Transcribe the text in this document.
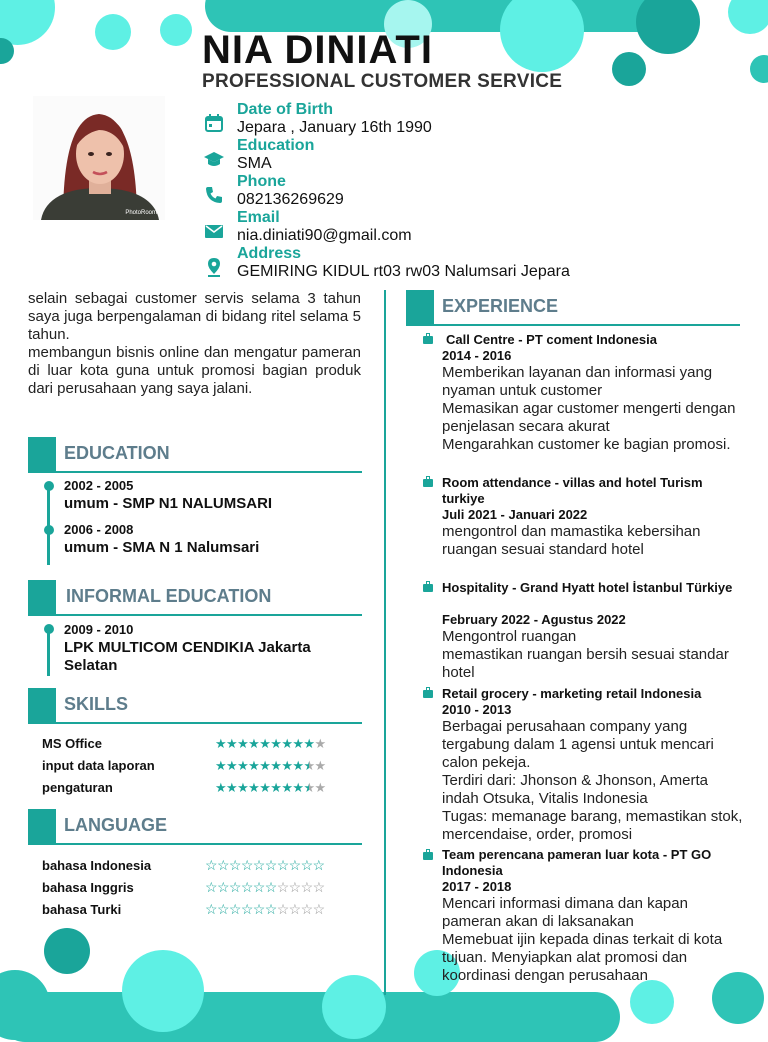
NIA DINIATI
PROFESSIONAL CUSTOMER SERVICE
PhotoRoom
Date of Birth
Jepara , January 16th 1990
Education
SMA
Phone
082136269629
Email
nia.diniati90@gmail.com
Address
GEMIRING KIDUL rt03 rw03 Nalumsari Jepara
selain sebagai customer servis selama 3 tahun saya juga berpengalaman di bidang ritel selama 5 tahun.
membangun bisnis online dan mengatur pameran di luar kota guna untuk promosi bagian produk dari perusahaan yang saya jalani.
EDUCATION
2002 - 2005
umum - SMP N1 NALUMSARI
2006 - 2008
umum - SMA N 1 Nalumsari
INFORMAL EDUCATION
2009 - 2010
LPK MULTICOM CENDIKIA Jakarta Selatan
SKILLS
MS Office	★★★★★★★★★★
input data laporan	★★★★★★★★★★
pengaturan	★★★★★★★★★★
LANGUAGE
bahasa Indonesia	☆☆☆☆☆☆☆☆☆☆
bahasa Inggris	☆☆☆☆☆☆☆☆☆☆
bahasa Turki	☆☆☆☆☆☆☆☆☆☆
EXPERIENCE
Call Centre - PT coment Indonesia
2014 - 2016
Memberikan layanan dan informasi yang nyaman untuk customer
Memasikan agar customer mengerti dengan penjelasan secara akurat
Mengarahkan customer ke bagian promosi.
Room attendance - villas and hotel Turism turkiye
Juli 2021 - Januari 2022
mengontrol dan mamastika kebersihan ruangan sesuai standard hotel
Hospitality - Grand Hyatt hotel İstanbul Türkiye
February 2022 - Agustus 2022
Mengontrol ruangan
memastikan ruangan bersih sesuai standar hotel
Retail grocery - marketing retail Indonesia
2010 - 2013
Berbagai perusahaan company yang tergabung dalam 1 agensi untuk mencari calon pekeja.
Terdiri dari: Jhonson & Jhonson, Amerta indah Otsuka, Vitalis Indonesia
Tugas: memanage barang, memastikan stok, mercendaise, order, promosi
Team perencana pameran luar kota - PT GO Indonesia
2017 - 2018
Mencari informasi dimana dan kapan pameran akan di laksanakan
Memebuat ijin kepada dinas terkait di kota tujuan. Menyiapkan alat promosi dan koordinasi dengan perusahaan
